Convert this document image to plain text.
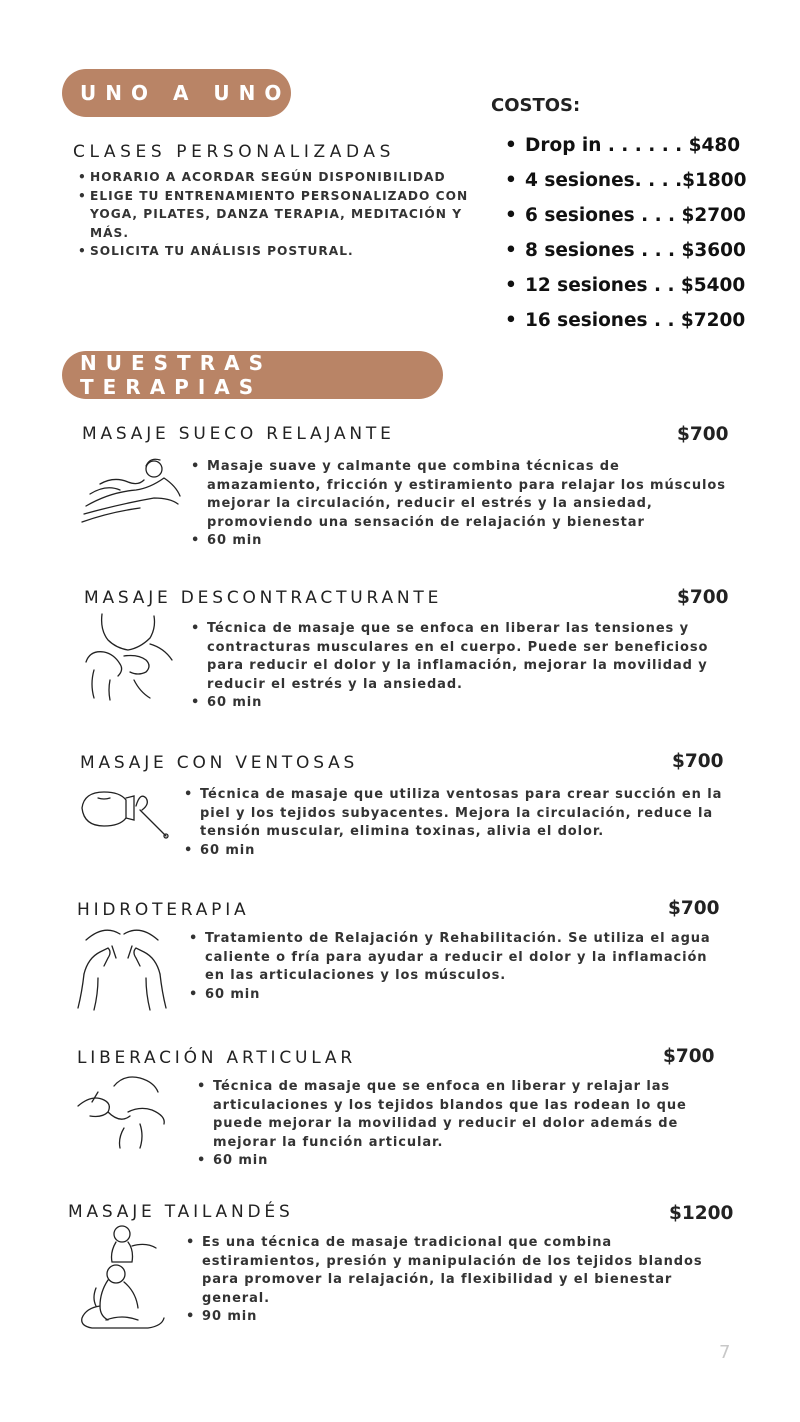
UNO A UNO
CLASES PERSONALIZADAS
• HORARIO A ACORDAR SEGÚN DISPONIBILIDAD
• ELIGE TU ENTRENAMIENTO PERSONALIZADO CON YOGA, PILATES, DANZA TERAPIA, MEDITACIÓN Y MÁS.
• SOLICITA TU ANÁLISIS POSTURAL.
COSTOS:
• Drop in . . . . . . $480
• 4 sesiones. . . .$1800
• 6 sesiones . . . $2700
• 8 sesiones . . . $3600
• 12 sesiones . . $5400
• 16 sesiones . . $7200
NUESTRAS TERAPIAS
MASAJE SUECO RELAJANTE	$700
• Masaje suave y calmante que combina técnicas de amazamiento, fricción y estiramiento para relajar los músculos mejorar la circulación, reducir el estrés y la ansiedad, promoviendo una sensación de relajación y bienestar
• 60 min
MASAJE DESCONTRACTURANTE	$700
• Técnica de masaje que se enfoca en liberar las tensiones y contracturas musculares en el cuerpo. Puede ser beneficioso para reducir el dolor y la inflamación, mejorar la movilidad y reducir el estrés y la ansiedad.
• 60 min
MASAJE CON VENTOSAS	$700
• Técnica de masaje que utiliza ventosas para crear succión en la piel y los tejidos subyacentes. Mejora la circulación, reduce la tensión muscular, elimina toxinas, alivia el dolor.
• 60 min
HIDROTERAPIA	$700
• Tratamiento de Relajación y Rehabilitación. Se utiliza el agua caliente o fría para ayudar a reducir el dolor y la inflamación en las articulaciones y los músculos.
• 60 min
LIBERACIÓN ARTICULAR	$700
• Técnica de masaje que se enfoca en liberar y relajar las articulaciones y los tejidos blandos que las rodean lo que puede mejorar la movilidad y reducir el dolor además de mejorar la función articular.
• 60 min
MASAJE TAILANDÉS	$1200
• Es una técnica de masaje tradicional que combina estiramientos, presión y manipulación de los tejidos blandos para promover la relajación, la flexibilidad y el bienestar general.
• 90 min
7
